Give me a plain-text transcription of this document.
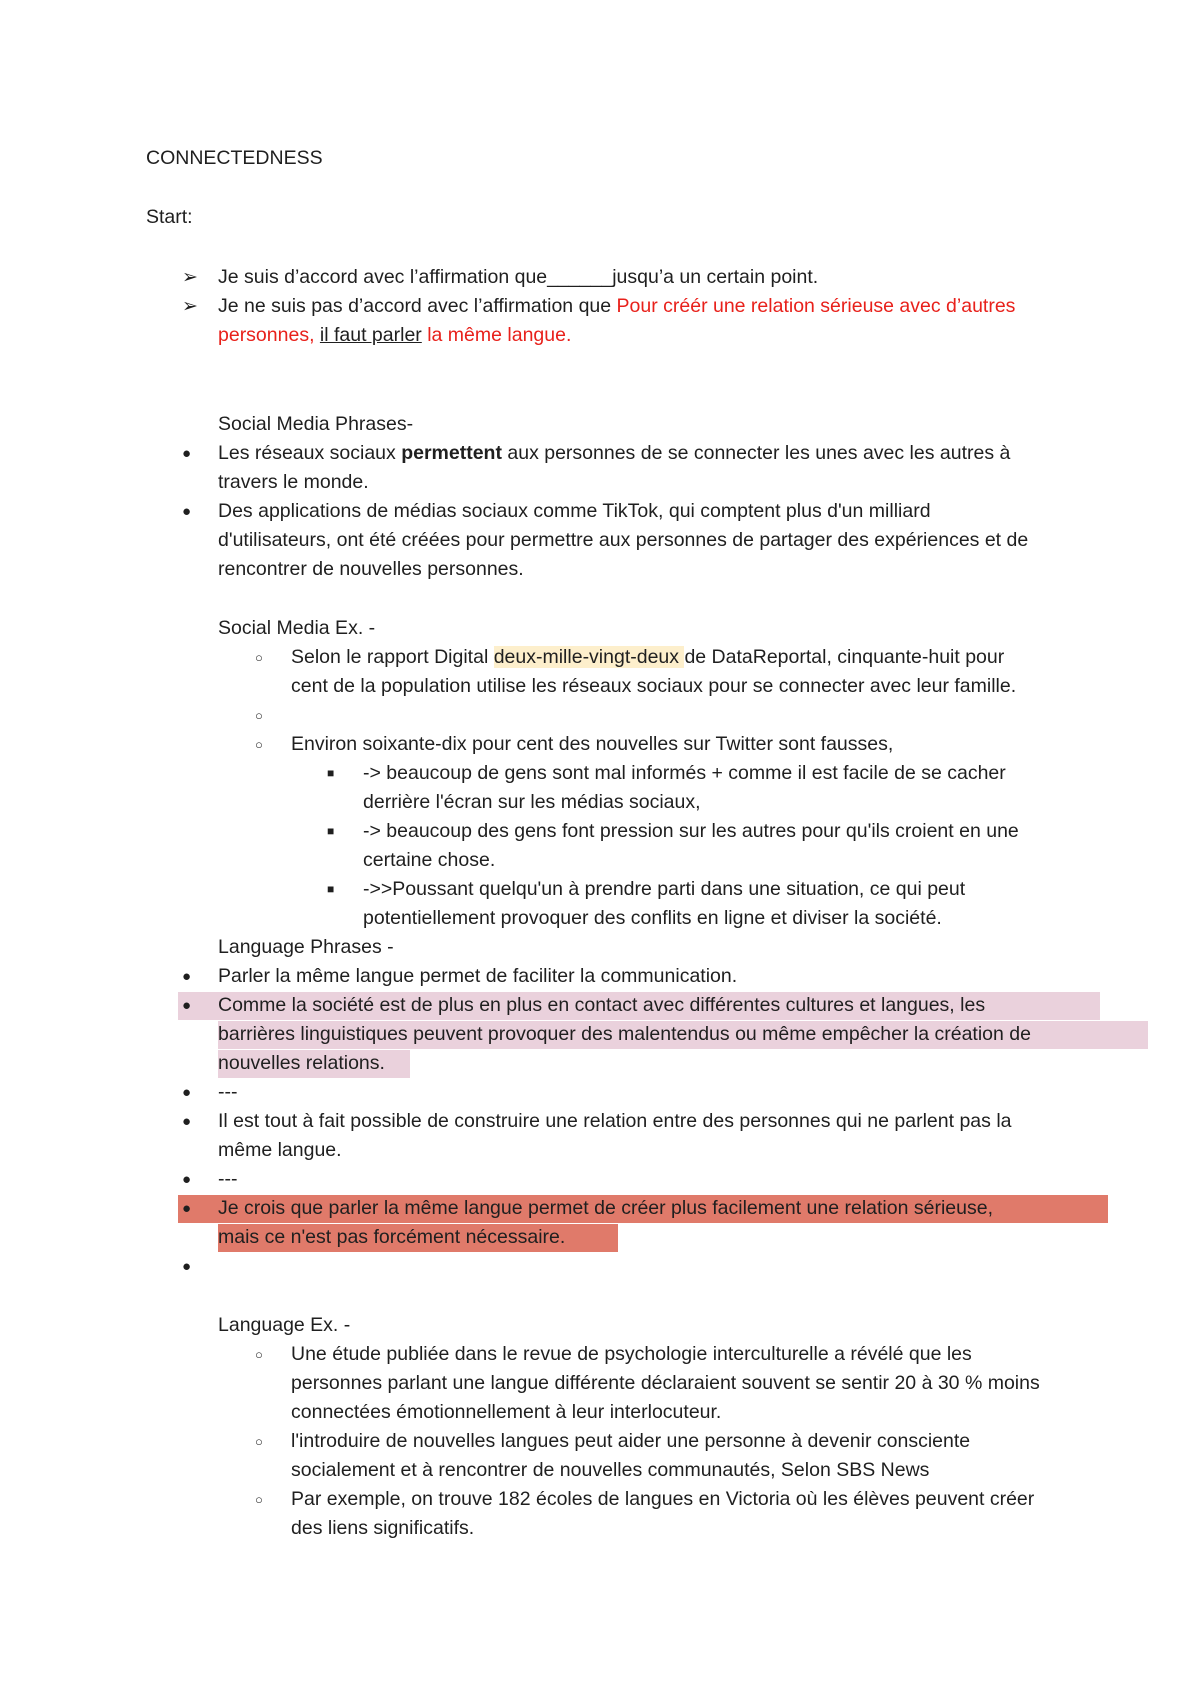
CONNECTEDNESS
Start:
➢ Je suis d’accord avec l’affirmation que______jusqu’a un certain point.
➢ Je ne suis pas d’accord avec l’affirmation que Pour créér une relation sérieuse avec d’autres
personnes, il faut parler la même langue.
Social Media Phrases-
● Les réseaux sociaux permettent aux personnes de se connecter les unes avec les autres à
travers le monde.
● Des applications de médias sociaux comme TikTok, qui comptent plus d'un milliard
d'utilisateurs, ont été créées pour permettre aux personnes de partager des expériences et de
rencontrer de nouvelles personnes.
Social Media Ex. -
○ Selon le rapport Digital deux-mille-vingt-deux de DataReportal, cinquante-huit pour
cent de la population utilise les réseaux sociaux pour se connecter avec leur famille.
○
○ Environ soixante-dix pour cent des nouvelles sur Twitter sont fausses,
■ -> beaucoup de gens sont mal informés + comme il est facile de se cacher
derrière l'écran sur les médias sociaux,
■ -> beaucoup des gens font pression sur les autres pour qu'ils croient en une
certaine chose.
■ ->>Poussant quelqu'un à prendre parti dans une situation, ce qui peut
potentiellement provoquer des conflits en ligne et diviser la société.
Language Phrases -
● Parler la même langue permet de faciliter la communication.
● Comme la société est de plus en plus en contact avec différentes cultures et langues, les
barrières linguistiques peuvent provoquer des malentendus ou même empêcher la création de
nouvelles relations.
● ---
● Il est tout à fait possible de construire une relation entre des personnes qui ne parlent pas la
même langue.
● ---
● Je crois que parler la même langue permet de créer plus facilement une relation sérieuse,
mais ce n'est pas forcément nécessaire.
●
Language Ex. -
○ Une étude publiée dans le revue de psychologie interculturelle a révélé que les
personnes parlant une langue différente déclaraient souvent se sentir 20 à 30 % moins
connectées émotionnellement à leur interlocuteur.
○ l'introduire de nouvelles langues peut aider une personne à devenir consciente
socialement et à rencontrer de nouvelles communautés, Selon SBS News
○ Par exemple, on trouve 182 écoles de langues en Victoria où les élèves peuvent créer
des liens significatifs.
